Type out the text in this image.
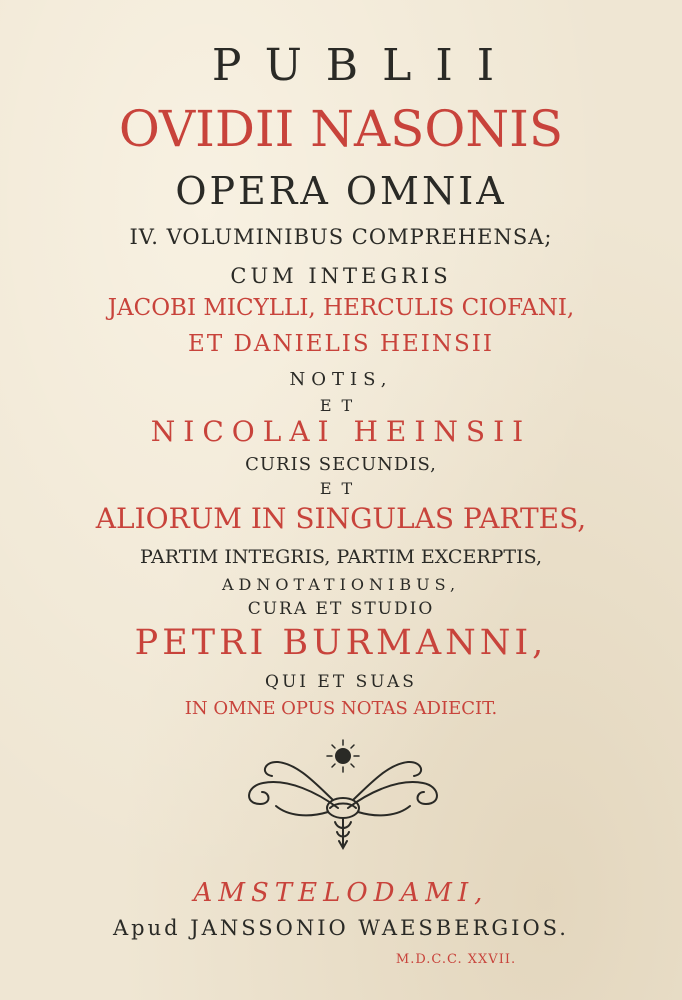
PUBLII
OVIDII NASONIS
OPERA OMNIA
IV. VOLUMINIBUS COMPREHENSA;
CUM INTEGRIS
JACOBI MICYLLI, HERCULIS CIOFANI,
ET DANIELIS HEINSII
NOTIS,
ET
NICOLAI HEINSII
CURIS SECUNDIS,
ET
ALIORUM IN SINGULAS PARTES,
PARTIM INTEGRIS, PARTIM EXCERPTIS,
ADNOTATIONIBUS,
CURA ET STUDIO
PETRI BURMANNI,
QUI ET SUAS
IN OMNE OPUS NOTAS ADIECIT.
AMSTELODAMI,
Apud JANSSONIO WAESBERGIOS.
M.D.C.C. XXVII.
